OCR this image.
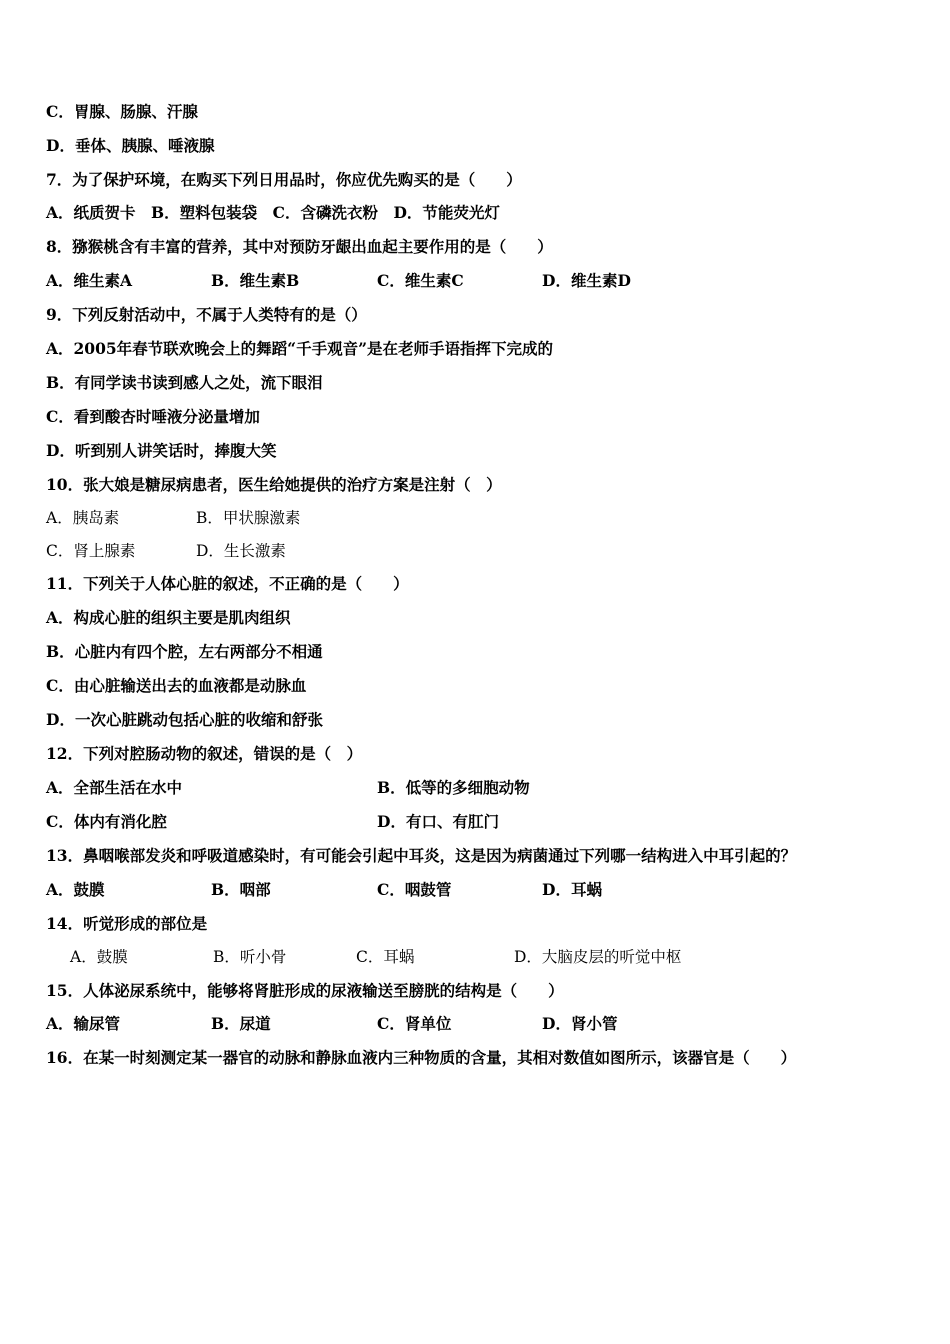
C．胃腺、肠腺、汗腺
D．垂体、胰腺、唾液腺
7．为了保护环境，在购买下列日用品时，你应优先购买的是（　　）
A．纸质贺卡　B．塑料包装袋　C．含磷洗衣粉　D．节能荧光灯
8．猕猴桃含有丰富的营养，其中对预防牙龈出血起主要作用的是（　　）
A．维生素A	B．维生素B	C．维生素C	D．维生素D
9．下列反射活动中，不属于人类特有的是（）
A．2005年春节联欢晚会上的舞蹈“千手观音”是在老师手语指挥下完成的
B．有同学读书读到感人之处，流下眼泪
C．看到酸杏时唾液分泌量增加
D．听到别人讲笑话时，捧腹大笑
10．张大娘是糖尿病患者，医生给她提供的治疗方案是注射（　）
A．胰岛素	B．甲状腺激素
C．肾上腺素	D．生长激素
11．下列关于人体心脏的叙述，不正确的是（　　）
A．构成心脏的组织主要是肌肉组织
B．心脏内有四个腔，左右两部分不相通
C．由心脏输送出去的血液都是动脉血
D．一次心脏跳动包括心脏的收缩和舒张
12．下列对腔肠动物的叙述，错误的是（　）
A．全部生活在水中	B．低等的多细胞动物
C．体内有消化腔	D．有口、有肛门
13．鼻咽喉部发炎和呼吸道感染时，有可能会引起中耳炎，这是因为病菌通过下列哪一结构进入中耳引起的？
A．鼓膜	B．咽部	C．咽鼓管	D．耳蜗
14．听觉形成的部位是
A．鼓膜	B．听小骨	C．耳蜗	D．大脑皮层的听觉中枢
15．人体泌尿系统中，能够将肾脏形成的尿液输送至膀胱的结构是（　　）
A．输尿管	B．尿道	C．肾单位	D．肾小管
16．在某一时刻测定某一器官的动脉和静脉血液内三种物质的含量，其相对数值如图所示，该器官是（　　）
